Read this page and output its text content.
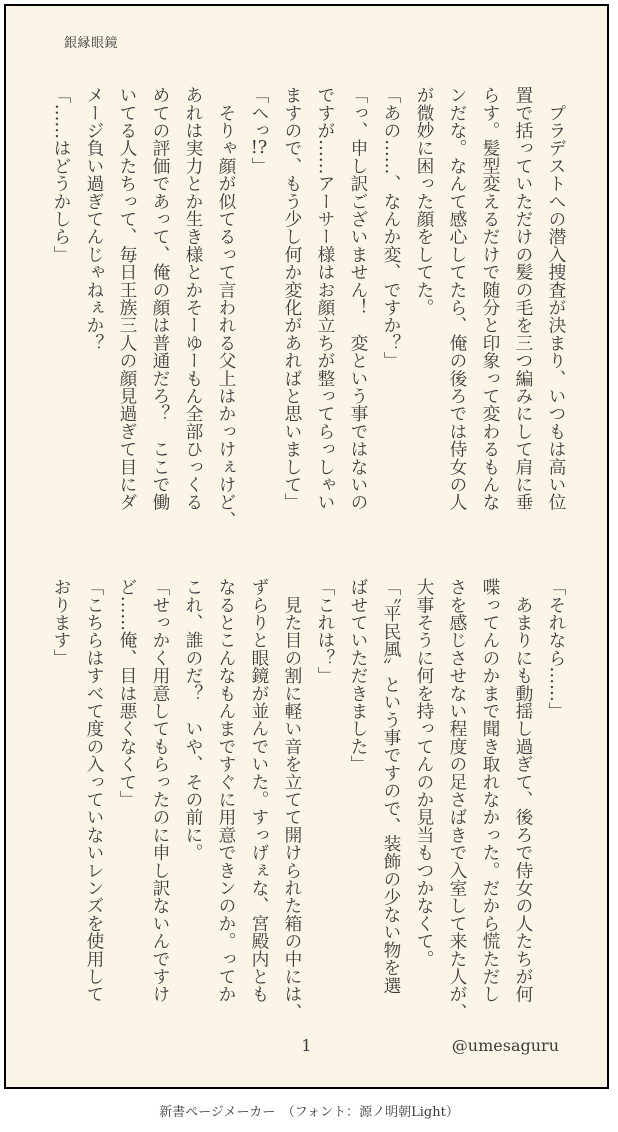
銀縁眼鏡

　プラデストへの潜入捜査が決まり、いつもは高い位

置で括っていただけの髪の毛を三つ編みにして肩に垂

らす。髪型変えるだけで随分と印象って変わるもんな

ンだな。なんて感心してたら、俺の後ろでは侍女の人

が微妙に困った顔をしてた。

「あの……、なんか変、ですか？」

「っ、申し訳ございません！　変という事ではないの

ですが……アーサー様はお顔立ちが整ってらっしゃい

ますので、もう少し何か変化があればと思いまして」

「へっ!?」

　そりゃ顔が似てるって言われる父上はかっけぇけど、

あれは実力とか生き様とかそーゆーもん全部ひっくる

めての評価であって、俺の顔は普通だろ？　ここで働

いてる人たちって、毎日王族三人の顔見過ぎて目にダ

メージ負い過ぎてんじゃねぇか？

「……はどうかしら」

「それなら……」

　あまりにも動揺し過ぎて、後ろで侍女の人たちが何

喋ってんのかまで聞き取れなかった。だから慌ただし

さを感じさせない程度の足さばきで入室して来た人が、

大事そうに何を持ってんのか見当もつかなくて。

「〝平民風〟という事ですので、装飾の少ない物を選

ばせていただきました」

「これは？」

　見た目の割に軽い音を立てて開けられた箱の中には、

ずらりと眼鏡が並んでいた。すっげぇな、宮殿内とも

なるとこんなもんまですぐに用意できンのか。ってか

これ、誰のだ？　いや、その前に。

「せっかく用意してもらったのに申し訳ないんですけ

ど……俺、目は悪くなくて」

「こちらはすべて度の入っていないレンズを使用して

おります」

1	@umesaguru
新書ページメーカー　（フォント：源ノ明朝Light）
